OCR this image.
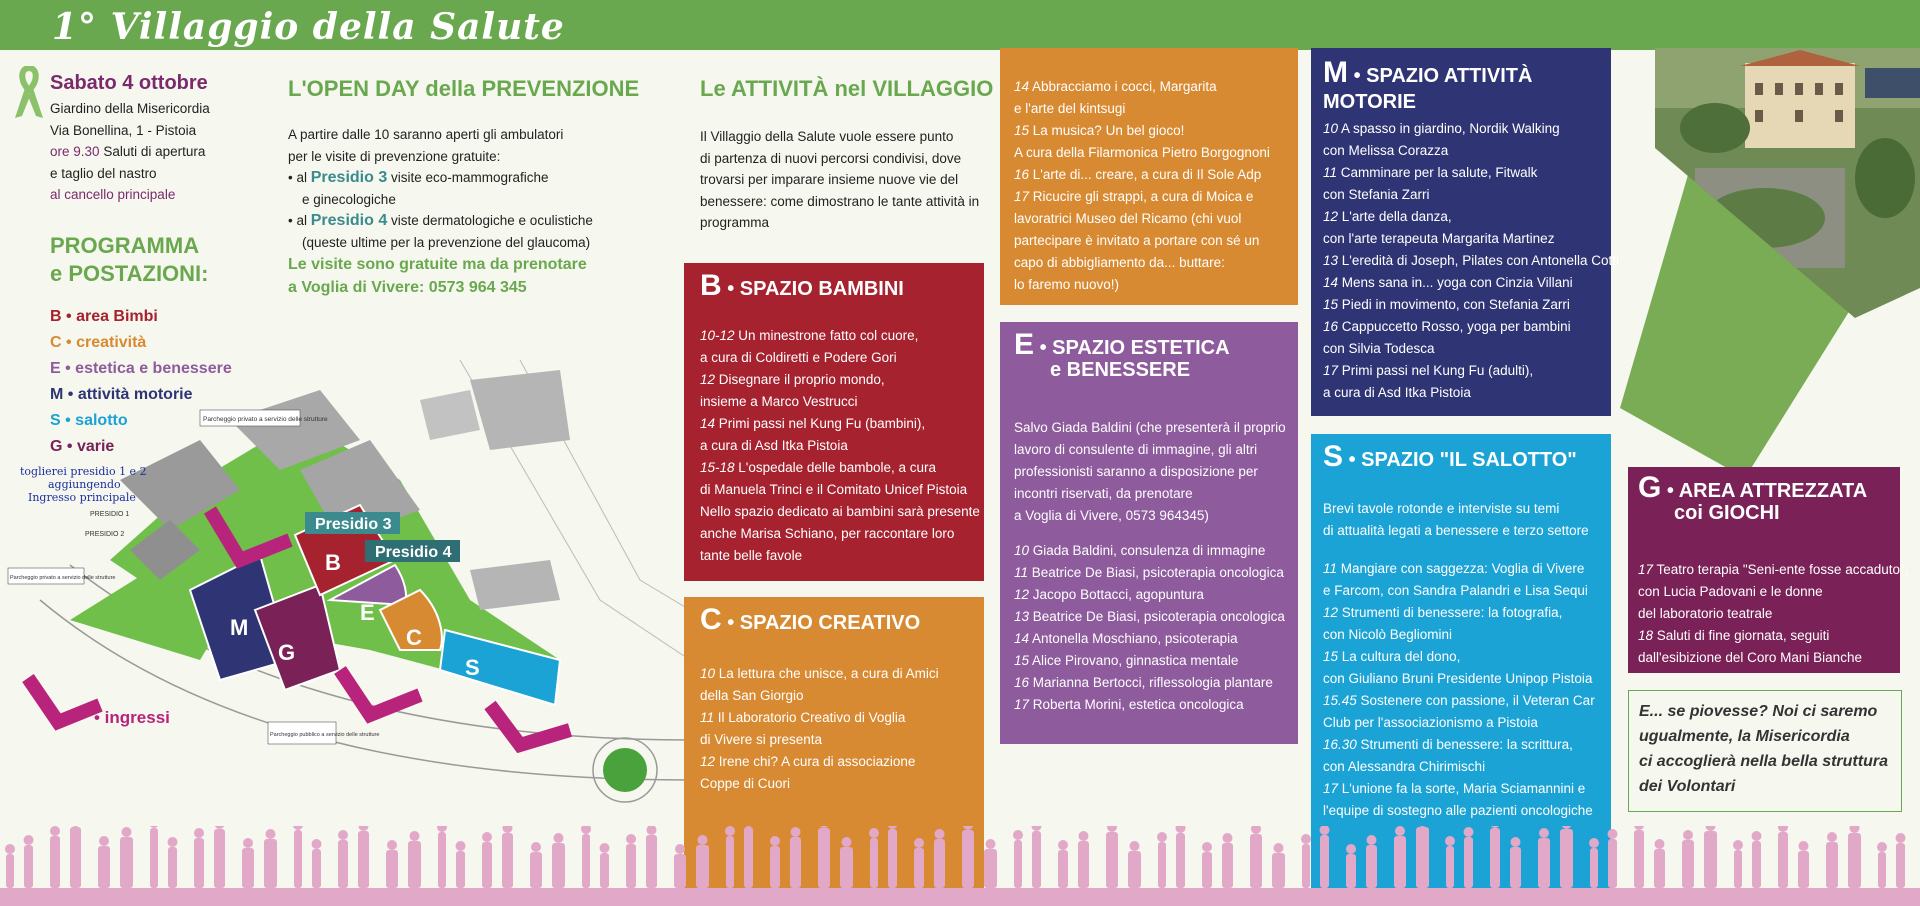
1° Villaggio della Salute
Sabato 4 ottobre
Giardino della Misericordia
Via Bonellina, 1 - Pistoia
ore 9.30 Saluti di apertura
e taglio del nastro
al cancello principale
PROGRAMMA
e POSTAZIONI:
B • area Bimbi
C • creatività
E • estetica e benessere
M • attività motorie
S • salotto
G • varie
L'OPEN DAY della PREVENZIONE
A partire dalle 10 saranno aperti gli ambulatori
per le visite di prevenzione gratuite:
• al Presidio 3 visite eco-mammografiche
e ginecologiche
• al Presidio 4 viste dermatologiche e oculistiche
(queste ultime per la prevenzione del glaucoma)
Le visite sono gratuite ma da prenotare
a Voglia di Vivere: 0573 964 345
Le ATTIVITÀ nel VILLAGGIO
Il Villaggio della Salute vuole essere punto
di partenza di nuovi percorsi condivisi, dove
trovarsi per imparare insieme nuove vie del
benessere: come dimostrano le tante attività in
programma
M
G
B
E
C
S
Presidio 3
Presidio 4
toglierei presidio 1 e 2
aggiungendo
Ingresso principale
PRESIDIO 1
PRESIDIO 2
Parcheggio privato a servizio delle strutture
Parcheggio privato a servizio delle strutture
Parcheggio pubblico a servizio delle strutture
• ingressi
B • SPAZIO BAMBINI
10-12 Un minestrone fatto col cuore,
a cura di Coldiretti e Podere Gori
12 Disegnare il proprio mondo,
insieme a Marco Vestrucci
14 Primi passi nel Kung Fu (bambini),
a cura di Asd Itka Pistoia
15-18 L'ospedale delle bambole, a cura
di Manuela Trinci e il Comitato Unicef Pistoia
Nello spazio dedicato ai bambini sarà presente
anche Marisa Schiano, per raccontare loro
tante belle favole
C • SPAZIO CREATIVO
10 La lettura che unisce, a cura di Amici
della San Giorgio
11 Il Laboratorio Creativo di Voglia
di Vivere si presenta
12 Irene chi? A cura di associazione
Coppe di Cuori
14 Abbracciamo i cocci, Margarita
e l'arte del kintsugi
15 La musica? Un bel gioco!
A cura della Filarmonica Pietro Borgognoni
16 L'arte di... creare, a cura di Il Sole Adp
17 Ricucire gli strappi, a cura di Moica e
lavoratrici Museo del Ricamo (chi vuol
partecipare è invitato a portare con sé un
capo di abbigliamento da... buttare:
lo faremo nuovo!)
E • SPAZIO ESTETICA
e BENESSERE
Salvo Giada Baldini (che presenterà il proprio
lavoro di consulente di immagine, gli altri
professionisti saranno a disposizione per
incontri riservati, da prenotare
a Voglia di Vivere, 0573 964345)
10 Giada Baldini, consulenza di immagine
11 Beatrice De Biasi, psicoterapia oncologica
12 Jacopo Bottacci, agopuntura
13 Beatrice De Biasi, psicoterapia oncologica
14 Antonella Moschiano, psicoterapia
15 Alice Pirovano, ginnastica mentale
16 Marianna Bertocci, riflessologia plantare
17 Roberta Morini, estetica oncologica
M • SPAZIO ATTIVITÀ MOTORIE
10 A spasso in giardino, Nordik Walking
con Melissa Corazza
11 Camminare per la salute, Fitwalk
con Stefania Zarri
12 L'arte della danza,
con l'arte terapeuta Margarita Martinez
13 L'eredità di Joseph, Pilates con Antonella Cotti
14 Mens sana in... yoga con Cinzia Villani
15 Piedi in movimento, con Stefania Zarri
16 Cappuccetto Rosso, yoga per bambini
con Silvia Todesca
17 Primi passi nel Kung Fu (adulti),
a cura di Asd Itka Pistoia
S • SPAZIO "IL SALOTTO"
Brevi tavole rotonde e interviste su temi
di attualità legati a benessere e terzo settore
11 Mangiare con saggezza: Voglia di Vivere
e Farcom, con Sandra Palandri e Lisa Sequi
12 Strumenti di benessere: la fotografia,
con Nicolò Begliomini
15 La cultura del dono,
con Giuliano Bruni Presidente Unipop Pistoia
15.45 Sostenere con passione, il Veteran Car
Club per l'associazionismo a Pistoia
16.30 Strumenti di benessere: la scrittura,
con Alessandra Chirimischi
17 L'unione fa la sorte, Maria Sciamannini e
l'equipe di sostegno alle pazienti oncologiche
G • AREA ATTREZZATA
coi GIOCHI
17 Teatro terapia "Seni-ente fosse accaduto",
con Lucia Padovani e le donne
del laboratorio teatrale
18 Saluti di fine giornata, seguiti
dall'esibizione del Coro Mani Bianche
E... se piovesse? Noi ci saremo
ugualmente, la Misericordia
ci accoglierà nella bella struttura
dei Volontari
